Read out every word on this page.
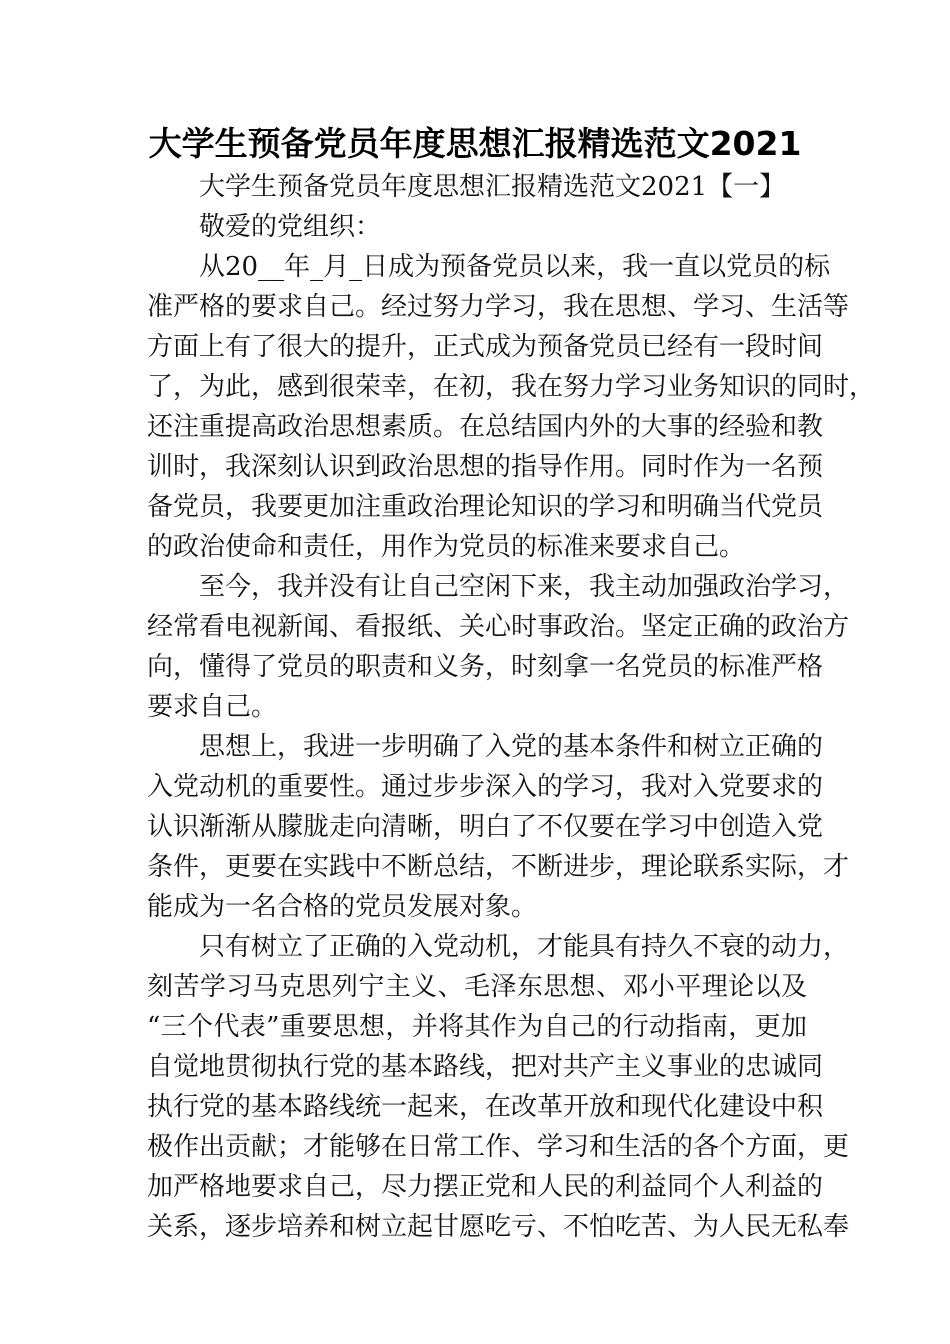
大学生预备党员年度思想汇报精选范文2021
大学生预备党员年度思想汇报精选范文2021【一】
敬爱的党组织：
从20__年_月_日成为预备党员以来，我一直以党员的标
准严格的要求自己。经过努力学习，我在思想、学习、生活等
方面上有了很大的提升，正式成为预备党员已经有一段时间
了，为此，感到很荣幸，在初，我在努力学习业务知识的同时，
还注重提高政治思想素质。在总结国内外的大事的经验和教
训时，我深刻认识到政治思想的指导作用。同时作为一名预
备党员，我要更加注重政治理论知识的学习和明确当代党员
的政治使命和责任，用作为党员的标准来要求自己。
至今，我并没有让自己空闲下来，我主动加强政治学习，
经常看电视新闻、看报纸、关心时事政治。坚定正确的政治方
向，懂得了党员的职责和义务，时刻拿一名党员的标准严格
要求自己。
思想上，我进一步明确了入党的基本条件和树立正确的
入党动机的重要性。通过步步深入的学习，我对入党要求的
认识渐渐从朦胧走向清晰，明白了不仅要在学习中创造入党
条件，更要在实践中不断总结，不断进步，理论联系实际，才
能成为一名合格的党员发展对象。
只有树立了正确的入党动机，才能具有持久不衰的动力，
刻苦学习马克思列宁主义、毛泽东思想、邓小平理论以及
“三个代表”重要思想，并将其作为自己的行动指南，更加
自觉地贯彻执行党的基本路线，把对共产主义事业的忠诚同
执行党的基本路线统一起来，在改革开放和现代化建设中积
极作出贡献；才能够在日常工作、学习和生活的各个方面，更
加严格地要求自己，尽力摆正党和人民的利益同个人利益的
关系，逐步培养和树立起甘愿吃亏、不怕吃苦、为人民无私奉
